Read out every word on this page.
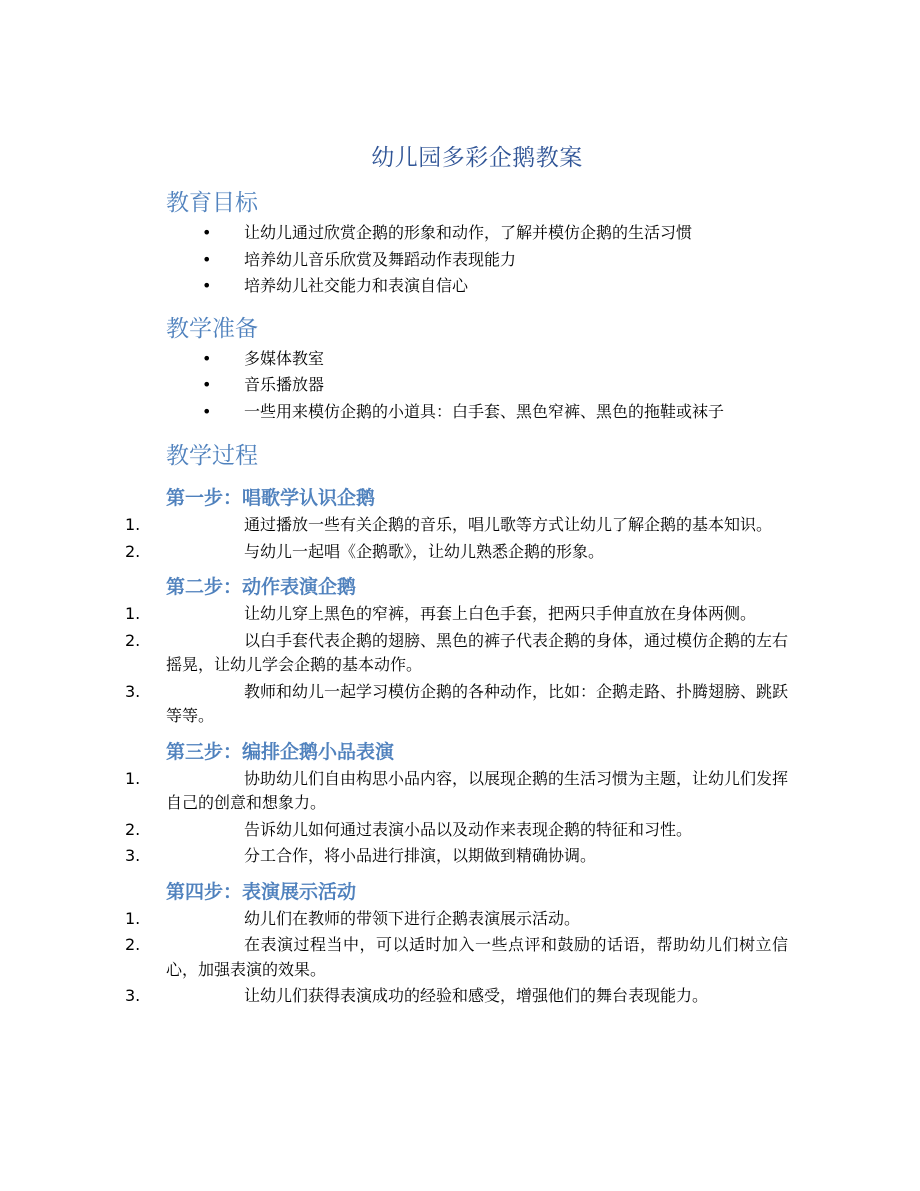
幼儿园多彩企鹅教案
教育目标
• 让幼儿通过欣赏企鹅的形象和动作，了解并模仿企鹅的生活习惯
• 培养幼儿音乐欣赏及舞蹈动作表现能力
• 培养幼儿社交能力和表演自信心
教学准备
• 多媒体教室
• 音乐播放器
• 一些用来模仿企鹅的小道具：白手套、黑色窄裤、黑色的拖鞋或袜子
教学过程
第一步：唱歌学认识企鹅
1.	通过播放一些有关企鹅的音乐，唱儿歌等方式让幼儿了解企鹅的基本知识。
2.	与幼儿一起唱《企鹅歌》，让幼儿熟悉企鹅的形象。
第二步：动作表演企鹅
1.	让幼儿穿上黑色的窄裤，再套上白色手套，把两只手伸直放在身体两侧。
2.	以白手套代表企鹅的翅膀、黑色的裤子代表企鹅的身体，通过模仿企鹅的左右摇晃，让幼儿学会企鹅的基本动作。
3.	教师和幼儿一起学习模仿企鹅的各种动作，比如：企鹅走路、扑腾翅膀、跳跃等等。
第三步：编排企鹅小品表演
1.	协助幼儿们自由构思小品内容，以展现企鹅的生活习惯为主题，让幼儿们发挥自己的创意和想象力。
2.	告诉幼儿如何通过表演小品以及动作来表现企鹅的特征和习性。
3.	分工合作，将小品进行排演，以期做到精确协调。
第四步：表演展示活动
1.	幼儿们在教师的带领下进行企鹅表演展示活动。
2.	在表演过程当中，可以适时加入一些点评和鼓励的话语，帮助幼儿们树立信心，加强表演的效果。
3.	让幼儿们获得表演成功的经验和感受，增强他们的舞台表现能力。
